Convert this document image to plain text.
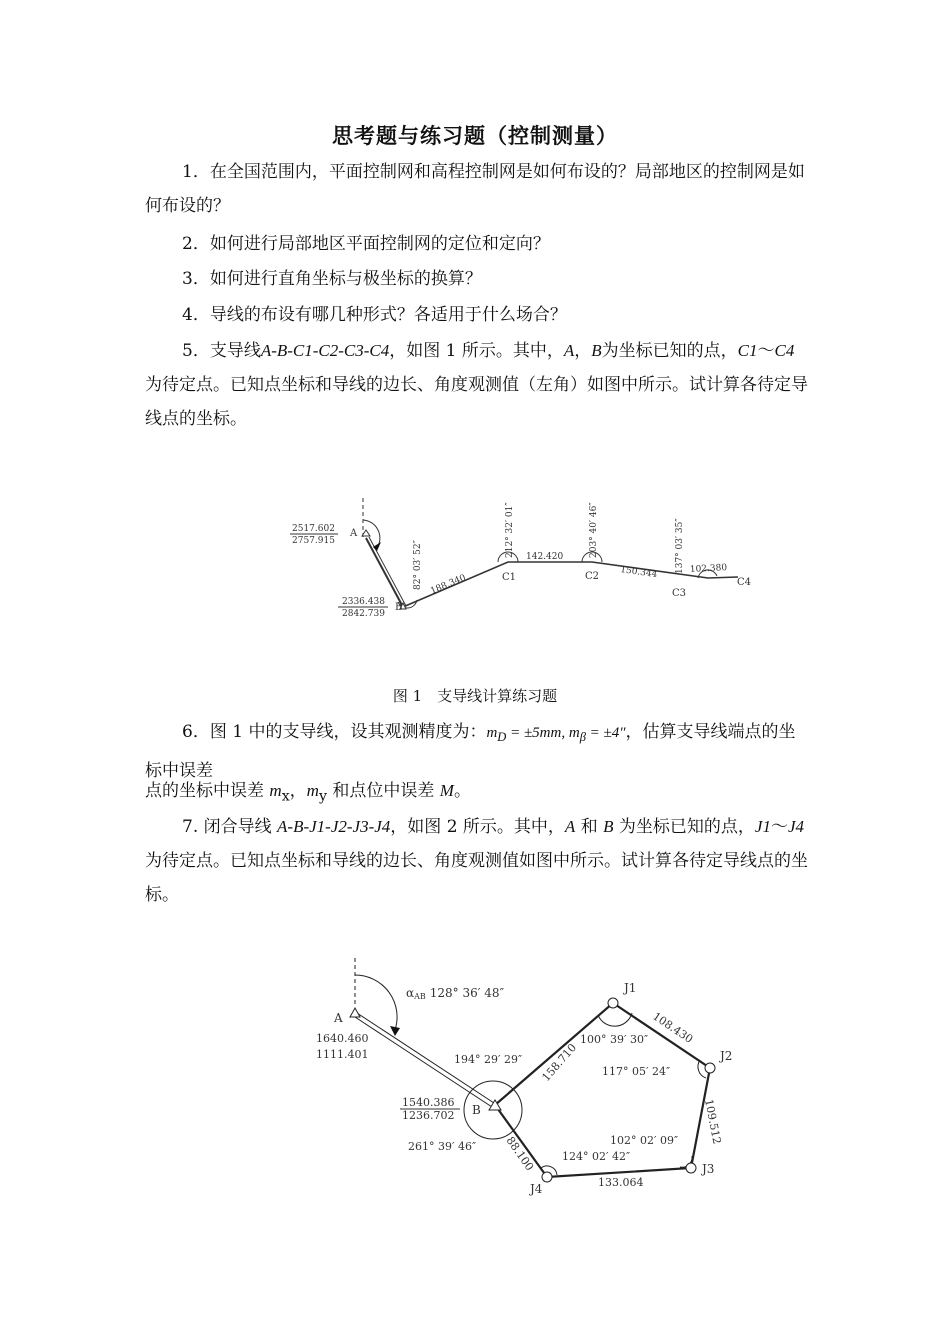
思考题与练习题（控制测量）

1．在全国范围内，平面控制网和高程控制网是如何布设的？局部地区的控制网是如何布设的？

2．如何进行局部地区平面控制网的定位和定向？

3．如何进行直角坐标与极坐标的换算？

4．导线的布设有哪几种形式？各适用于什么场合？

5．支导线A-B-C1-C2-C3-C4，如图 1 所示。其中，A，B为坐标已知的点，C1～C4为待定点。已知点坐标和导线的边长、角度观测值（左角）如图中所示。试计算各待定导线点的坐标。

A
2517.602
2757.915
B
2336.438
2842.739
C1	C2
C3
C4
82° 03′ 52″
212° 32′ 01″	203° 40′ 46″	137° 03′ 35″
188.340
142.420
150.344	102.380
图 1　支导线计算练习题

6．图 1 中的支导线，设其观测精度为：$m_D = \pm 5mm$, $m_\beta = \pm 4''$，估算支导线端点的坐标中误差

点的坐标中误差 $m_x$，$m_y$ 和点位中误差 M。

7. 闭合导线 A-B-J1-J2-J3-J4，如图 2 所示。其中，A 和 B 为坐标已知的点，J1～J4 为待定点。已知点坐标和导线的边长、角度观测值如图中所示。试计算各待定导线点的坐标。

αAB 128° 36′ 48″
A
1640.460
1111.401
B
1540.386
1236.702
J1
J2
J3
J4
194° 29′ 29″
261° 39′ 46″
100° 39′ 30″
117° 05′ 24″
102° 02′ 09″
124° 02′ 42″
158.710
108.430
109.512
133.064
88.100
